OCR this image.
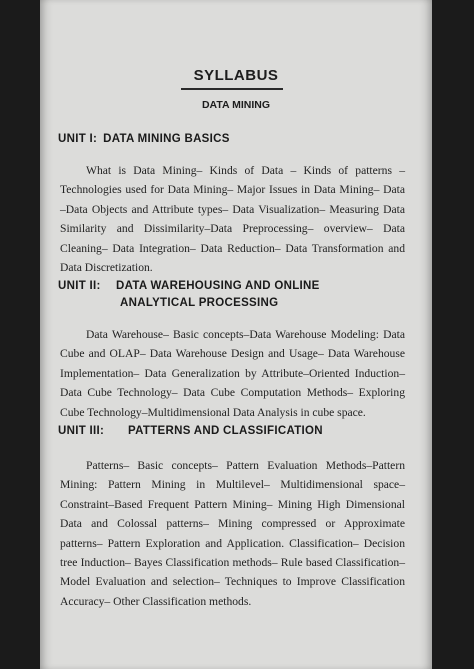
SYLLABUS
DATA MINING
UNIT I: DATA MINING BASICS

What is Data Mining– Kinds of Data – Kinds of patterns – Technologies used for Data Mining– Major Issues in Data Mining– Data –Data Objects and Attribute types– Data Visualization– Measuring Data Similarity and Dissimilarity–Data Preprocessing– overview– Data Cleaning– Data Integration– Data Reduction– Data Transformation and Data Discretization.

UNIT II: DATA WAREHOUSING AND ONLINE
ANALYTICAL PROCESSING

Data Warehouse– Basic concepts–Data Warehouse Modeling: Data Cube and OLAP– Data Warehouse Design and Usage– Data Warehouse Implementation– Data Generalization by Attribute–Oriented Induction– Data Cube Technology– Data Cube Computation Methods– Exploring Cube Technology–Multidimensional Data Analysis in cube space.

UNIT III: PATTERNS AND CLASSIFICATION

Patterns– Basic concepts– Pattern Evaluation Methods–Pattern Mining: Pattern Mining in Multilevel– Multidimensional space– Constraint–Based Frequent Pattern Mining– Mining High Dimensional Data and Colossal patterns– Mining compressed or Approximate patterns– Pattern Exploration and Application. Classification– Decision tree Induction– Bayes Classification methods– Rule based Classification–Model Evaluation and selection– Techniques to Improve Classification Accuracy– Other Classification methods.
